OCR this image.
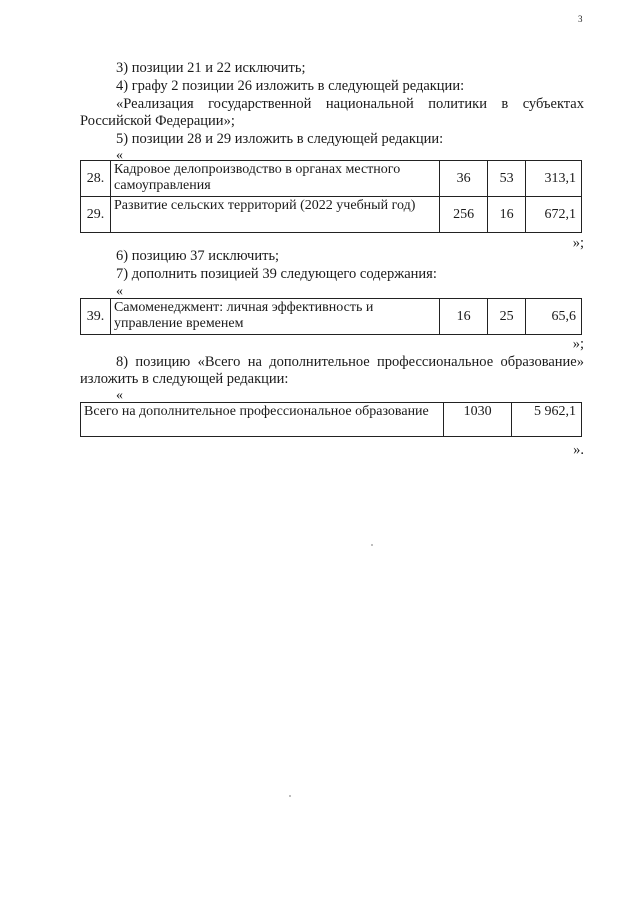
3
3) позиции 21 и 22 исключить;
4) графу 2 позиции 26 изложить в следующей редакции:
«Реализация государственной национальной политики в субъектах
Российской Федерации»;
5) позиции 28 и 29 изложить в следующей редакции:
«
28.	Кадровое делопроизводство в органах местного самоуправления	36	53	313,1
29.	Развитие сельских территорий (2022 учебный год)	256	16	672,1
»;
6) позицию 37 исключить;
7) дополнить позицией 39 следующего содержания:
«
39.	Самоменеджмент: личная эффективность и управление временем	16	25	65,6
»;
8) позицию «Всего на дополнительное профессиональное образование»
изложить в следующей редакции:
«
Всего на дополнительное профессиональное образование	1030	5 962,1
».
